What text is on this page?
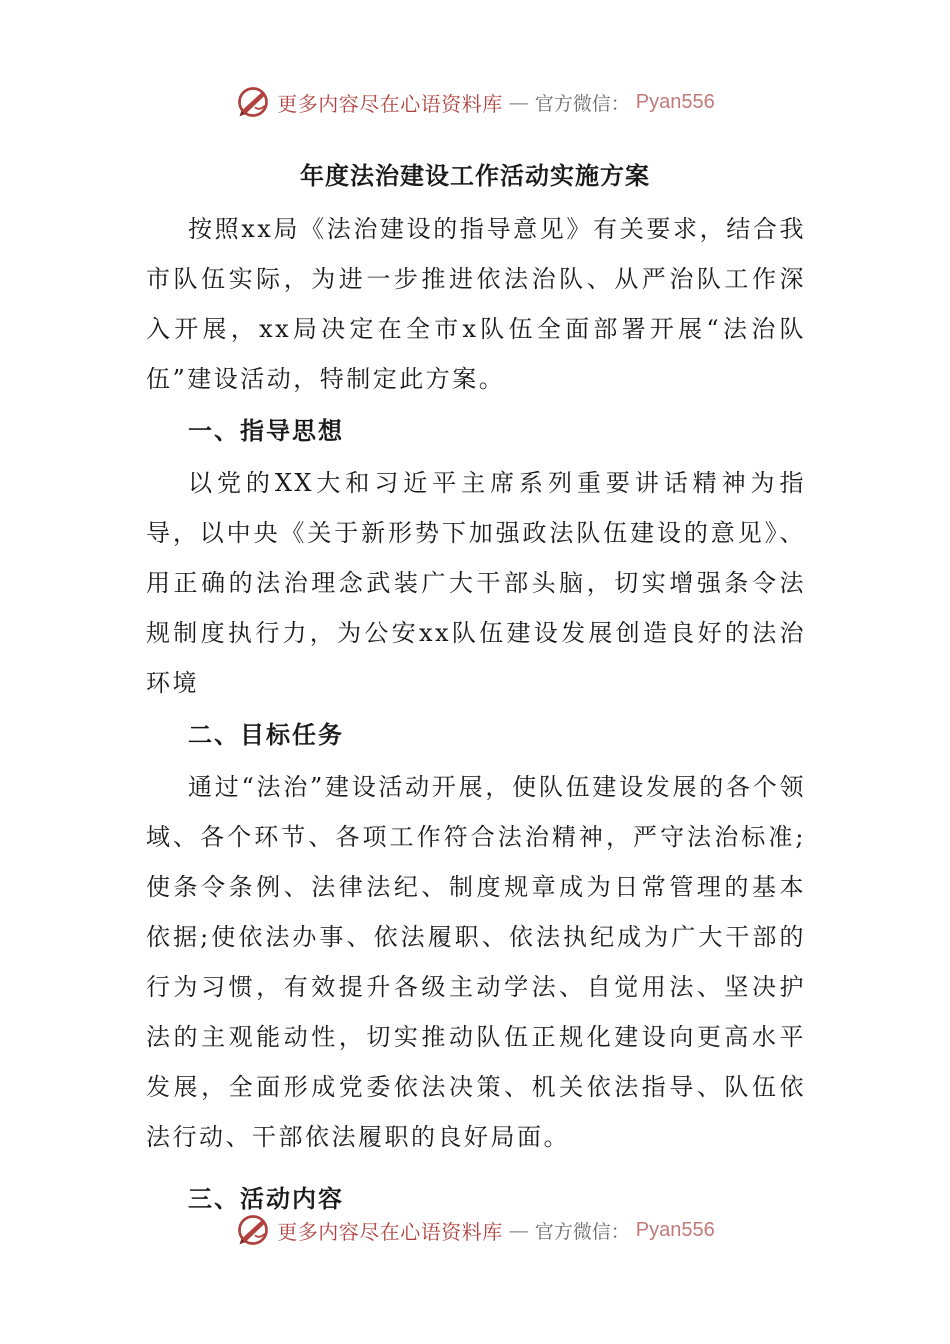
更多内容尽在心语资料库 — 官方微信： Pyan556
年度法治建设工作活动实施方案

按照xx局《法治建设的指导意见》有关要求，结合我市队伍实际，为进一步推进依法治队、从严治队工作深入开展，xx局决定在全市x队伍全面部署开展“法治队伍”建设活动，特制定此方案。

一、指导思想

以党的XX大和习近平主席系列重要讲话精神为指导，以中央《关于新形势下加强政法队伍建设的意见》、用正确的法治理念武装广大干部头脑，切实增强条令法规制度执行力，为公安xx队伍建设发展创造良好的法治环境

二、目标任务

通过“法治”建设活动开展，使队伍建设发展的各个领域、各个环节、各项工作符合法治精神，严守法治标准;使条令条例、法律法纪、制度规章成为日常管理的基本依据;使依法办事、依法履职、依法执纪成为广大干部的行为习惯，有效提升各级主动学法、自觉用法、坚决护法的主观能动性，切实推动队伍正规化建设向更高水平发展，全面形成党委依法决策、机关依法指导、队伍依法行动、干部依法履职的良好局面。

三、活动内容
更多内容尽在心语资料库 — 官方微信： Pyan556
